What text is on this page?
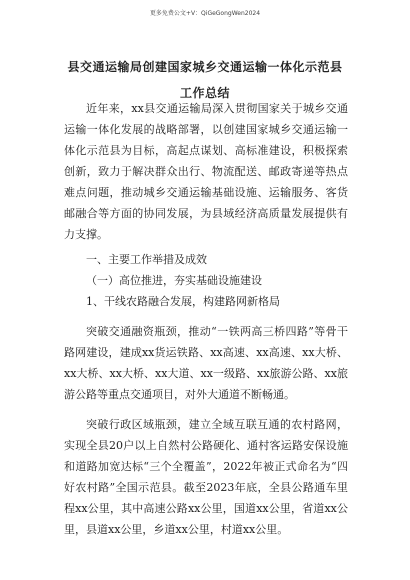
更多免费公文+V：QiGeGongWen2024
县交通运输局创建国家城乡交通运输一体化示范县工作总结

近年来，xx县交通运输局深入贯彻国家关于城乡交通运输一体化发展的战略部署，以创建国家城乡交通运输一体化示范县为目标，高起点谋划、高标准建设，积极探索创新，致力于解决群众出行、物流配送、邮政寄递等热点难点问题，推动城乡交通运输基础设施、运输服务、客货邮融合等方面的协同发展，为县域经济高质量发展提供有力支撑。

一、主要工作举措及成效

（一）高位推进，夯实基础设施建设

1、干线农路融合发展，构建路网新格局

突破交通融资瓶颈，推动“一铁两高三桥四路”等骨干路网建设，建成xx货运铁路、xx高速、xx高速、xx大桥、xx大桥、xx大桥、xx大道、xx一级路、xx旅游公路、xx旅游公路等重点交通项目，对外大通道不断畅通。

突破行政区域瓶颈，建立全域互联互通的农村路网，实现全县20户以上自然村公路硬化、通村客运路安保设施和道路加宽达标“三个全覆盖”，2022年被正式命名为“四好农村路”全国示范县。截至2023年底，全县公路通车里程xx公里，其中高速公路xx公里，国道xx公里，省道xx公里，县道xx公里，乡道xx公里，村道xx公里。
